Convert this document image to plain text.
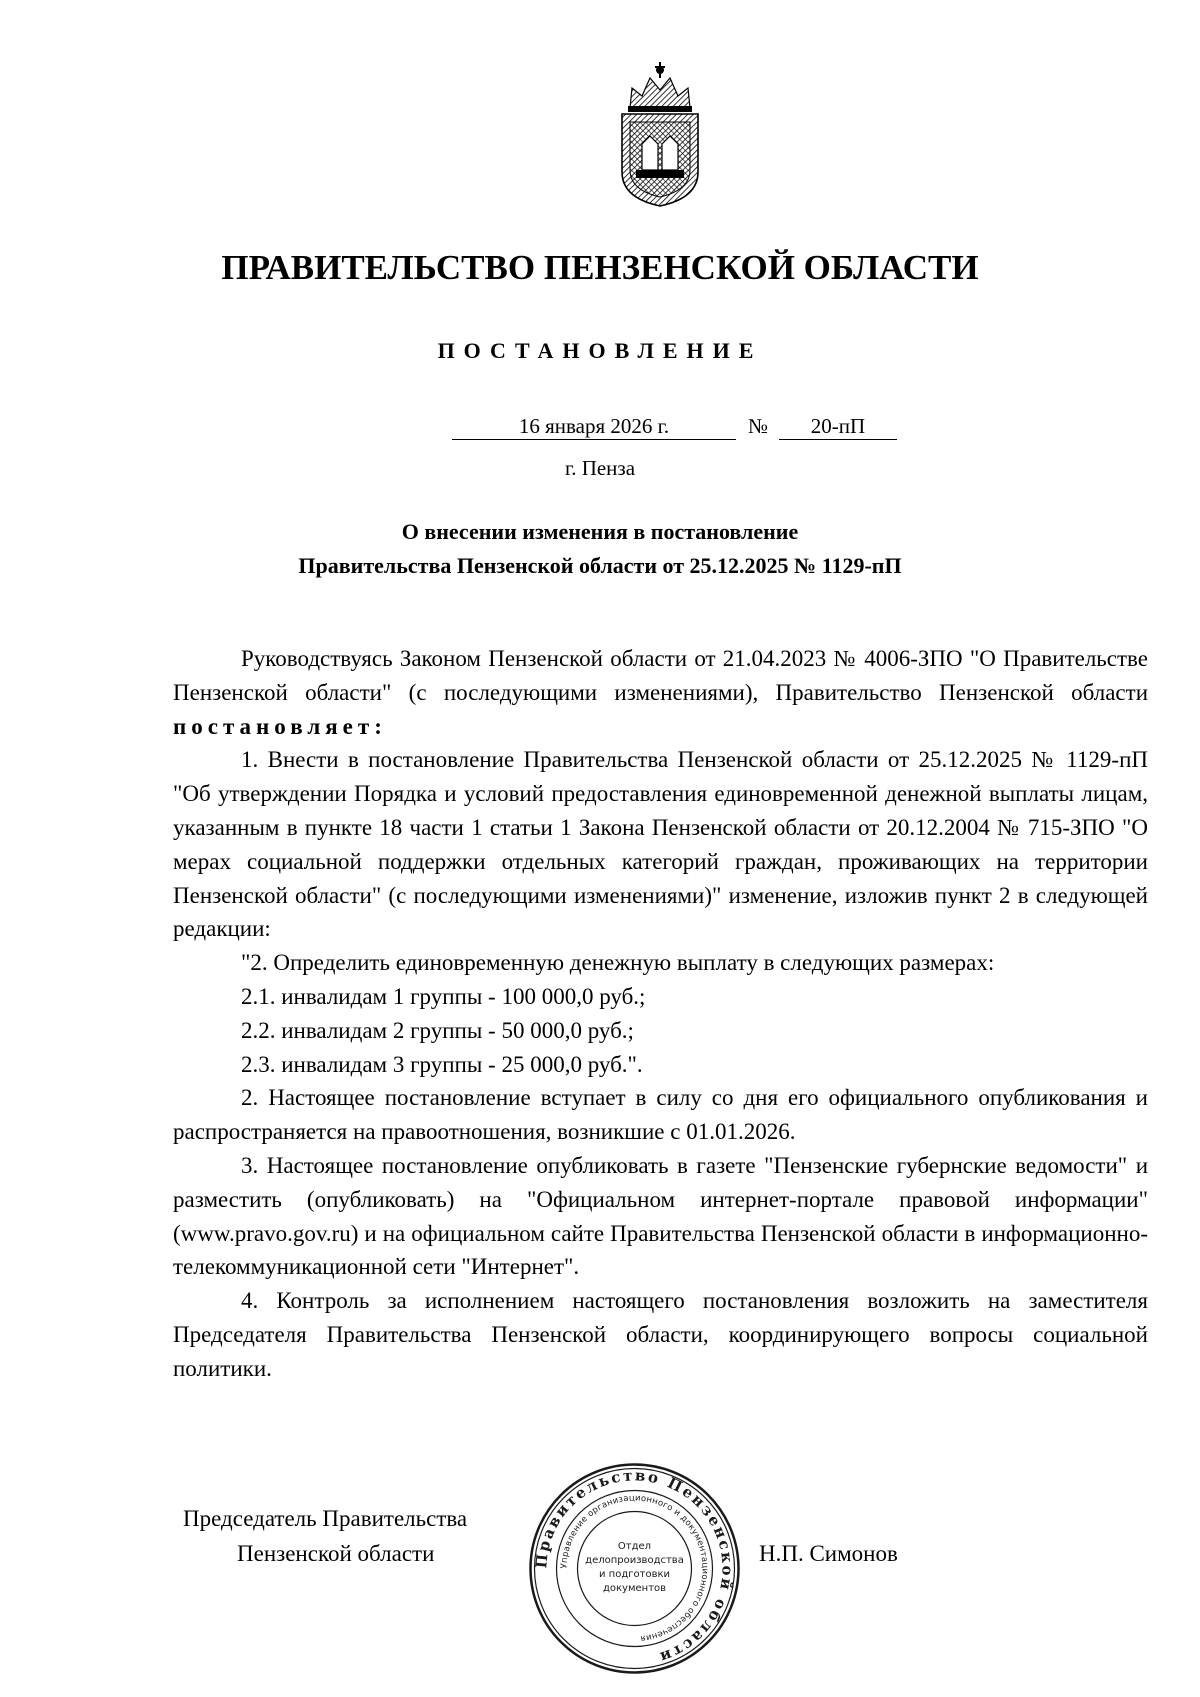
ПРАВИТЕЛЬСТВО ПЕНЗЕНСКОЙ ОБЛАСТИ
ПОСТАНОВЛЕНИЕ
16 января 2026 г.	№	20-пП
г. Пенза
О внесении изменения в постановление
Правительства Пензенской области от 25.12.2025 № 1129-пП

Руководствуясь Законом Пензенской области от 21.04.2023 № 4006-ЗПО "О Правительстве Пензенской области" (с последующими изменениями), Правительство Пензенской области постановляет:

1. Внести в постановление Правительства Пензенской области от 25.12.2025 № 1129-пП "Об утверждении Порядка и условий предоставления единовременной денежной выплаты лицам, указанным в пункте 18 части 1 статьи 1 Закона Пензенской области от 20.12.2004 № 715-ЗПО "О мерах социальной поддержки отдельных категорий граждан, проживающих на территории Пензенской области" (с последующими изменениями)" изменение, изложив пункт 2 в следующей редакции:

"2. Определить единовременную денежную выплату в следующих размерах:

2.1. инвалидам 1 группы - 100 000,0 руб.;

2.2. инвалидам 2 группы - 50 000,0 руб.;

2.3. инвалидам 3 группы - 25 000,0 руб.".

2. Настоящее постановление вступает в силу со дня его официального опубликования и распространяется на правоотношения, возникшие с 01.01.2026.

3. Настоящее постановление опубликовать в газете "Пензенские губернские ведомости" и разместить (опубликовать) на "Официальном интернет-портале правовой информации" (www.pravo.gov.ru) и на официальном сайте Правительства Пензенской области в информационно-телекоммуникационной сети "Интернет".

4. Контроль за исполнением настоящего постановления возложить на заместителя Председателя Правительства Пензенской области, координирующего вопросы социальной политики.

Председатель Правительства
Пензенской области	Н.П. Симонов
Правительство Пензенской области
Управление организационного и документационного обеспечения
Отдел
делопроизводства
и подготовки
документов
